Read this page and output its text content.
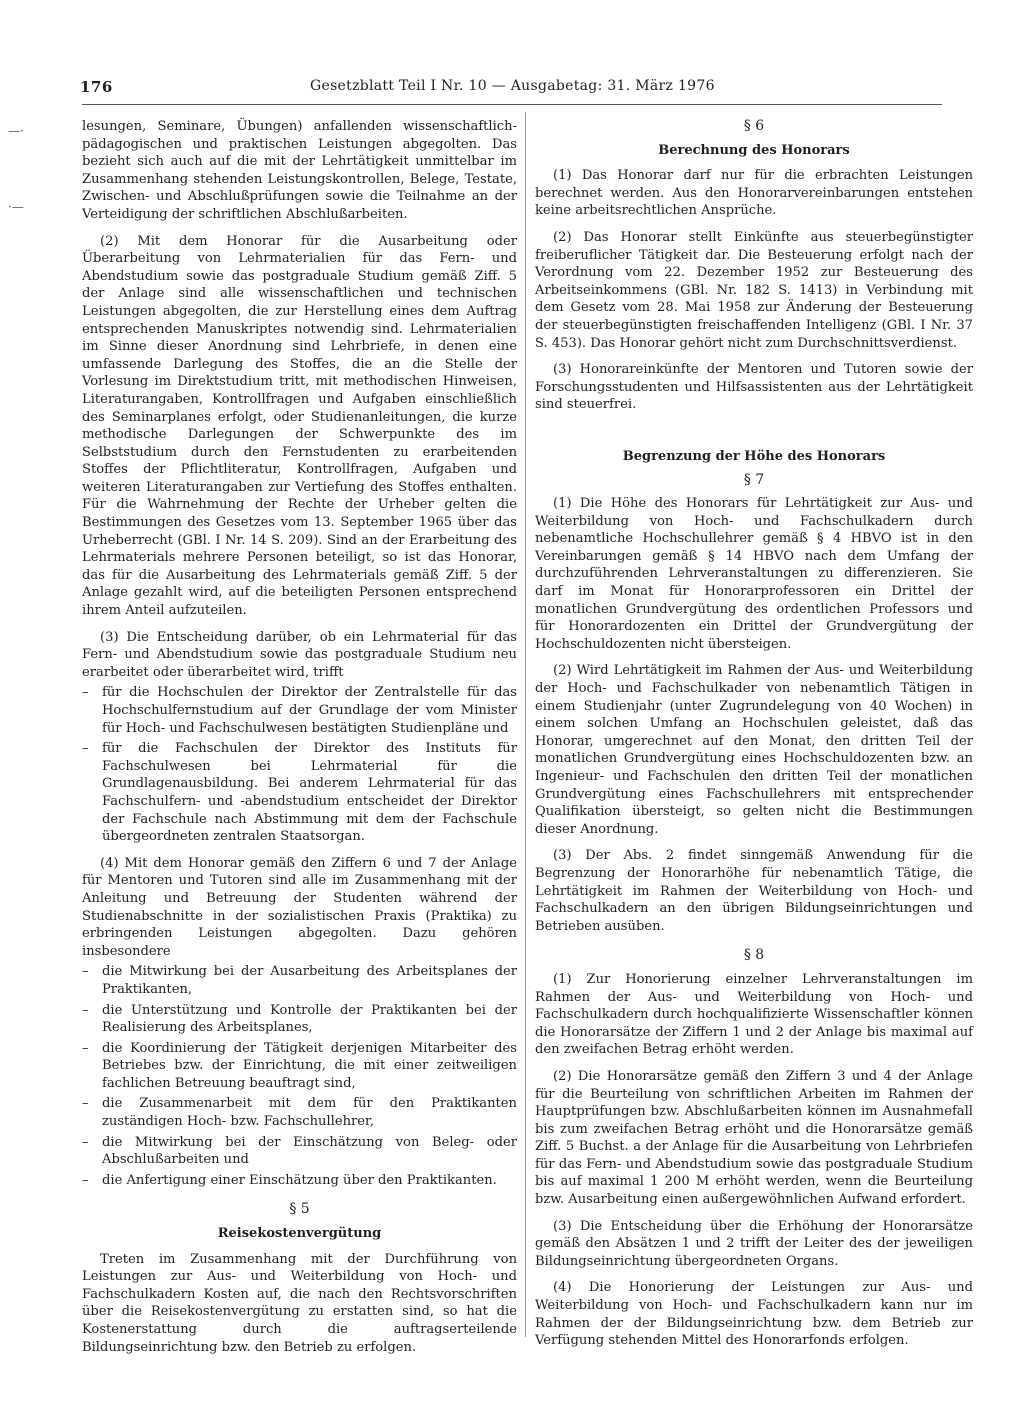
176	Gesetzblatt Teil I Nr. 10 — Ausgabetag: 31. März 1976
—·
·—

lesungen, Seminare, Übungen) anfallenden wissenschaftlich-pädagogischen und praktischen Leistungen abgegolten. Das bezieht sich auch auf die mit der Lehrtätigkeit unmittelbar im Zusammenhang stehenden Leistungskontrollen, Belege, Testate, Zwischen- und Abschlußprüfungen sowie die Teilnahme an der Verteidigung der schriftlichen Abschlußarbeiten.

(2) Mit dem Honorar für die Ausarbeitung oder Überarbeitung von Lehrmaterialien für das Fern- und Abendstudium sowie das postgraduale Studium gemäß Ziff. 5 der Anlage sind alle wissenschaftlichen und technischen Leistungen abgegolten, die zur Herstellung eines dem Auftrag entsprechenden Manuskriptes notwendig sind. Lehrmaterialien im Sinne dieser Anordnung sind Lehrbriefe, in denen eine umfassende Darlegung des Stoffes, die an die Stelle der Vorlesung im Direktstudium tritt, mit methodischen Hinweisen, Literaturangaben, Kontrollfragen und Aufgaben einschließlich des Seminarplanes erfolgt, oder Studienanleitungen, die kurze methodische Darlegungen der Schwerpunkte des im Selbststudium durch den Fernstudenten zu erarbeitenden Stoffes der Pflichtliteratur, Kontrollfragen, Aufgaben und weiteren Literaturangaben zur Vertiefung des Stoffes enthalten. Für die Wahrnehmung der Rechte der Urheber gelten die Bestimmungen des Gesetzes vom 13. September 1965 über das Urheberrecht (GBl. I Nr. 14 S. 209). Sind an der Erarbeitung des Lehrmaterials mehrere Personen beteiligt, so ist das Honorar, das für die Ausarbeitung des Lehrmaterials gemäß Ziff. 5 der Anlage gezahlt wird, auf die beteiligten Personen entsprechend ihrem Anteil aufzuteilen.

(3) Die Entscheidung darüber, ob ein Lehrmaterial für das Fern- und Abendstudium sowie das postgraduale Studium neu erarbeitet oder überarbeitet wird, trifft

– für die Hochschulen der Direktor der Zentralstelle für das Hochschulfernstudium auf der Grundlage der vom Minister für Hoch- und Fachschulwesen bestätigten Studienpläne und
– für die Fachschulen der Direktor des Instituts für Fachschulwesen bei Lehrmaterial für die Grundlagenausbildung. Bei anderem Lehrmaterial für das Fachschulfern- und -abendstudium entscheidet der Direktor der Fachschule nach Abstimmung mit dem der Fachschule übergeordneten zentralen Staatsorgan.

(4) Mit dem Honorar gemäß den Ziffern 6 und 7 der Anlage für Mentoren und Tutoren sind alle im Zusammenhang mit der Anleitung und Betreuung der Studenten während der Studienabschnitte in der sozialistischen Praxis (Praktika) zu erbringenden Leistungen abgegolten. Dazu gehören insbesondere

– die Mitwirkung bei der Ausarbeitung des Arbeitsplanes der Praktikanten,
– die Unterstützung und Kontrolle der Praktikanten bei der Realisierung des Arbeitsplanes,
– die Koordinierung der Tätigkeit derjenigen Mitarbeiter des Betriebes bzw. der Einrichtung, die mit einer zeitweiligen fachlichen Betreuung beauftragt sind,
– die Zusammenarbeit mit dem für den Praktikanten zuständigen Hoch- bzw. Fachschullehrer,
– die Mitwirkung bei der Einschätzung von Beleg- oder Abschlußarbeiten und
– die Anfertigung einer Einschätzung über den Praktikanten.
§ 5
Reisekostenvergütung

Treten im Zusammenhang mit der Durchführung von Leistungen zur Aus- und Weiterbildung von Hoch- und Fachschulkadern Kosten auf, die nach den Rechtsvorschriften über die Reisekostenvergütung zu erstatten sind, so hat die Kostenerstattung durch die auftragserteilende Bildungseinrichtung bzw. den Betrieb zu erfolgen.

§ 6
Berechnung des Honorars

(1) Das Honorar darf nur für die erbrachten Leistungen berechnet werden. Aus den Honorarvereinbarungen entstehen keine arbeitsrechtlichen Ansprüche.

(2) Das Honorar stellt Einkünfte aus steuerbegünstigter freiberuflicher Tätigkeit dar. Die Besteuerung erfolgt nach der Verordnung vom 22. Dezember 1952 zur Besteuerung des Arbeitseinkommens (GBl. Nr. 182 S. 1413) in Verbindung mit dem Gesetz vom 28. Mai 1958 zur Änderung der Besteuerung der steuerbegünstigten freischaffenden Intelligenz (GBl. I Nr. 37 S. 453). Das Honorar gehört nicht zum Durchschnittsverdienst.

(3) Honorareinkünfte der Mentoren und Tutoren sowie der Forschungsstudenten und Hilfsassistenten aus der Lehrtätigkeit sind steuerfrei.

Begrenzung der Höhe des Honorars
§ 7

(1) Die Höhe des Honorars für Lehrtätigkeit zur Aus- und Weiterbildung von Hoch- und Fachschulkadern durch nebenamtliche Hochschullehrer gemäß § 4 HBVO ist in den Vereinbarungen gemäß § 14 HBVO nach dem Umfang der durchzuführenden Lehrveranstaltungen zu differenzieren. Sie darf im Monat für Honorarprofessoren ein Drittel der monatlichen Grundvergütung des ordentlichen Professors und für Honorardozenten ein Drittel der Grundvergütung der Hochschuldozenten nicht übersteigen.

(2) Wird Lehrtätigkeit im Rahmen der Aus- und Weiterbildung der Hoch- und Fachschulkader von nebenamtlich Tätigen in einem Studienjahr (unter Zugrundelegung von 40 Wochen) in einem solchen Umfang an Hochschulen geleistet, daß das Honorar, umgerechnet auf den Monat, den dritten Teil der monatlichen Grundvergütung eines Hochschuldozenten bzw. an Ingenieur- und Fachschulen den dritten Teil der monatlichen Grundvergütung eines Fachschullehrers mit entsprechender Qualifikation übersteigt, so gelten nicht die Bestimmungen dieser Anordnung.

(3) Der Abs. 2 findet sinngemäß Anwendung für die Begrenzung der Honorarhöhe für nebenamtlich Tätige, die Lehrtätigkeit im Rahmen der Weiterbildung von Hoch- und Fachschulkadern an den übrigen Bildungseinrichtungen und Betrieben ausüben.

§ 8

(1) Zur Honorierung einzelner Lehrveranstaltungen im Rahmen der Aus- und Weiterbildung von Hoch- und Fachschulkadern durch hochqualifizierte Wissenschaftler können die Honorarsätze der Ziffern 1 und 2 der Anlage bis maximal auf den zweifachen Betrag erhöht werden.

(2) Die Honorarsätze gemäß den Ziffern 3 und 4 der Anlage für die Beurteilung von schriftlichen Arbeiten im Rahmen der Hauptprüfungen bzw. Abschlußarbeiten können im Ausnahmefall bis zum zweifachen Betrag erhöht und die Honorarsätze gemäß Ziff. 5 Buchst. a der Anlage für die Ausarbeitung von Lehrbriefen für das Fern- und Abendstudium sowie das postgraduale Studium bis auf maximal 1 200 M erhöht werden, wenn die Beurteilung bzw. Ausarbeitung einen außergewöhnlichen Aufwand erfordert.

(3) Die Entscheidung über die Erhöhung der Honorarsätze gemäß den Absätzen 1 und 2 trifft der Leiter des der jeweiligen Bildungseinrichtung übergeordneten Organs.

(4) Die Honorierung der Leistungen zur Aus- und Weiterbildung von Hoch- und Fachschulkadern kann nur im Rahmen der der Bildungseinrichtung bzw. dem Betrieb zur Verfügung stehenden Mittel des Honorarfonds erfolgen.
